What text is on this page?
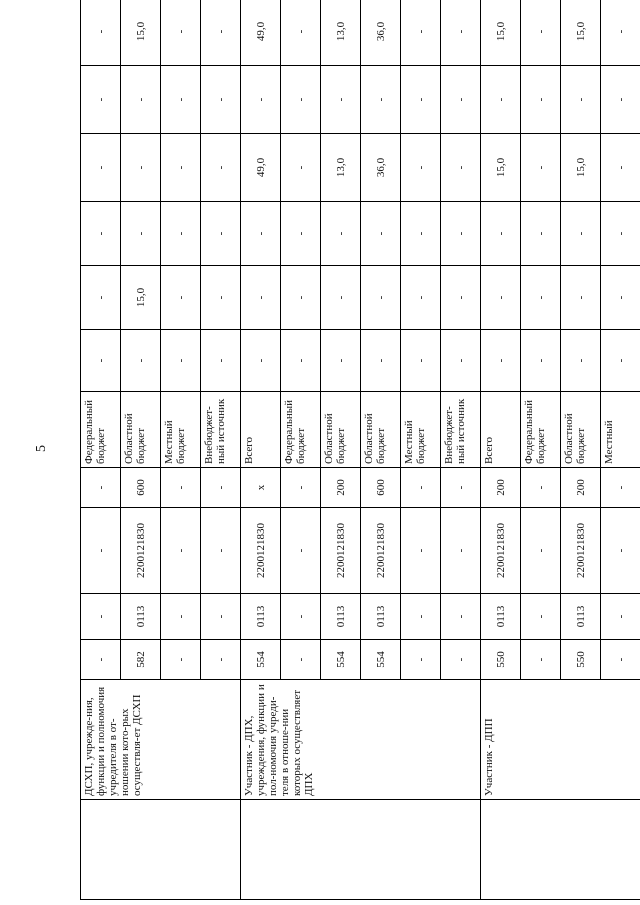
5
	ДСХП, учрежде-ния, функции и полномочия учредителя в от-ношении кото-рых осуществля-ет ДСХП	-	-	-	-	Федеральный бюджет	-	-	-	-	-	-
		582	0113	2200121830	600	Областной бюджет	-	15,0	-	-	-	15,0
		-	-	-	-	Местный бюджет	-	-	-	-	-	-
		-	-	-	-	Внебюджет-ный источник	-	-	-	-	-	-
	Участник - ДПХ, учреждения, функции и пол-номочия учреди-теля в отноше-нии которых осуществляет ДПХ	554	0113	2200121830	x	Всего	-	-	-	49,0	-	49,0
		-	-	-	-	Федеральный бюджет	-	-	-	-	-	-
		554	0113	2200121830	200	Областной бюджет	-	-	-	13,0	-	13,0
		554	0113	2200121830	600	Областной бюджет	-	-	-	36,0	-	36,0
		-	-	-	-	Местный бюджет	-	-	-	-	-	-
		-	-	-	-	Внебюджет-ный источник	-	-	-	-	-	-
	Участник - ДПП	550	0113	2200121830	200	Всего	-	-	-	15,0	-	15,0
		-	-	-	-	Федеральный бюджет	-	-	-	-	-	-
		550	0113	2200121830	200	Областной бюджет	-	-	-	15,0	-	15,0
		-	-	-	-	Местный	-	-	-	-	-	-
